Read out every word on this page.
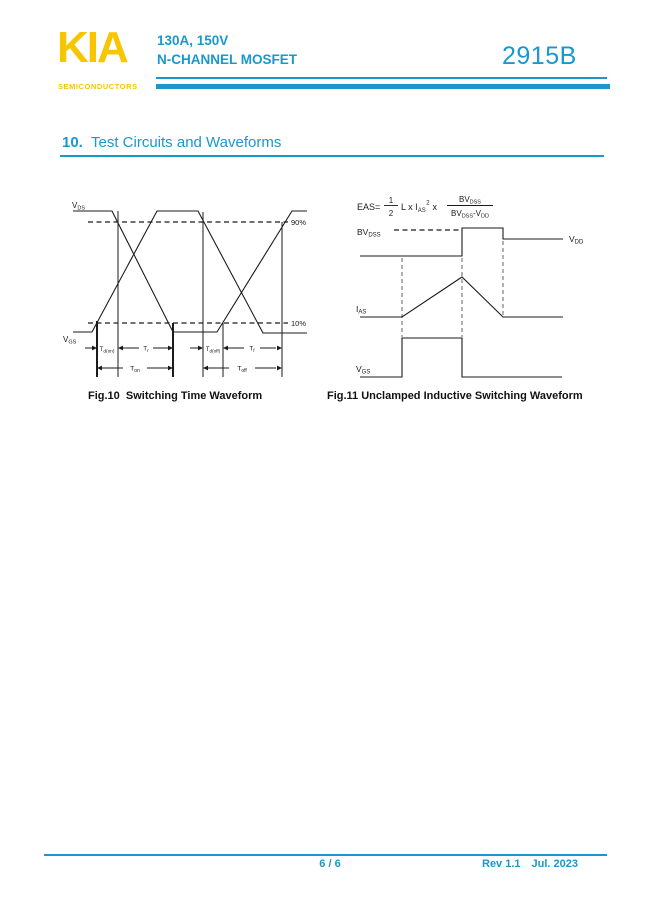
KIA
SEMICONDUCTORS
130A, 150V
N-CHANNEL MOSFET	2915B
10. Test Circuits and Waveforms
VDS
VGS
90%
10%
$T_{d(on)}$	$T_r$	$T_{d(off)}$	$T_f$
Ton	Toff
EAS=
1
2
L x $I_{AS}^2$ x
BVDSS
BVDSS-VDD
BVDSS	VDD
IAS
VGS
Fig.10  Switching Time Waveform	Fig.11 Unclamped Inductive Switching Waveform
6 / 6	Rev 1.1 Jul. 2023
